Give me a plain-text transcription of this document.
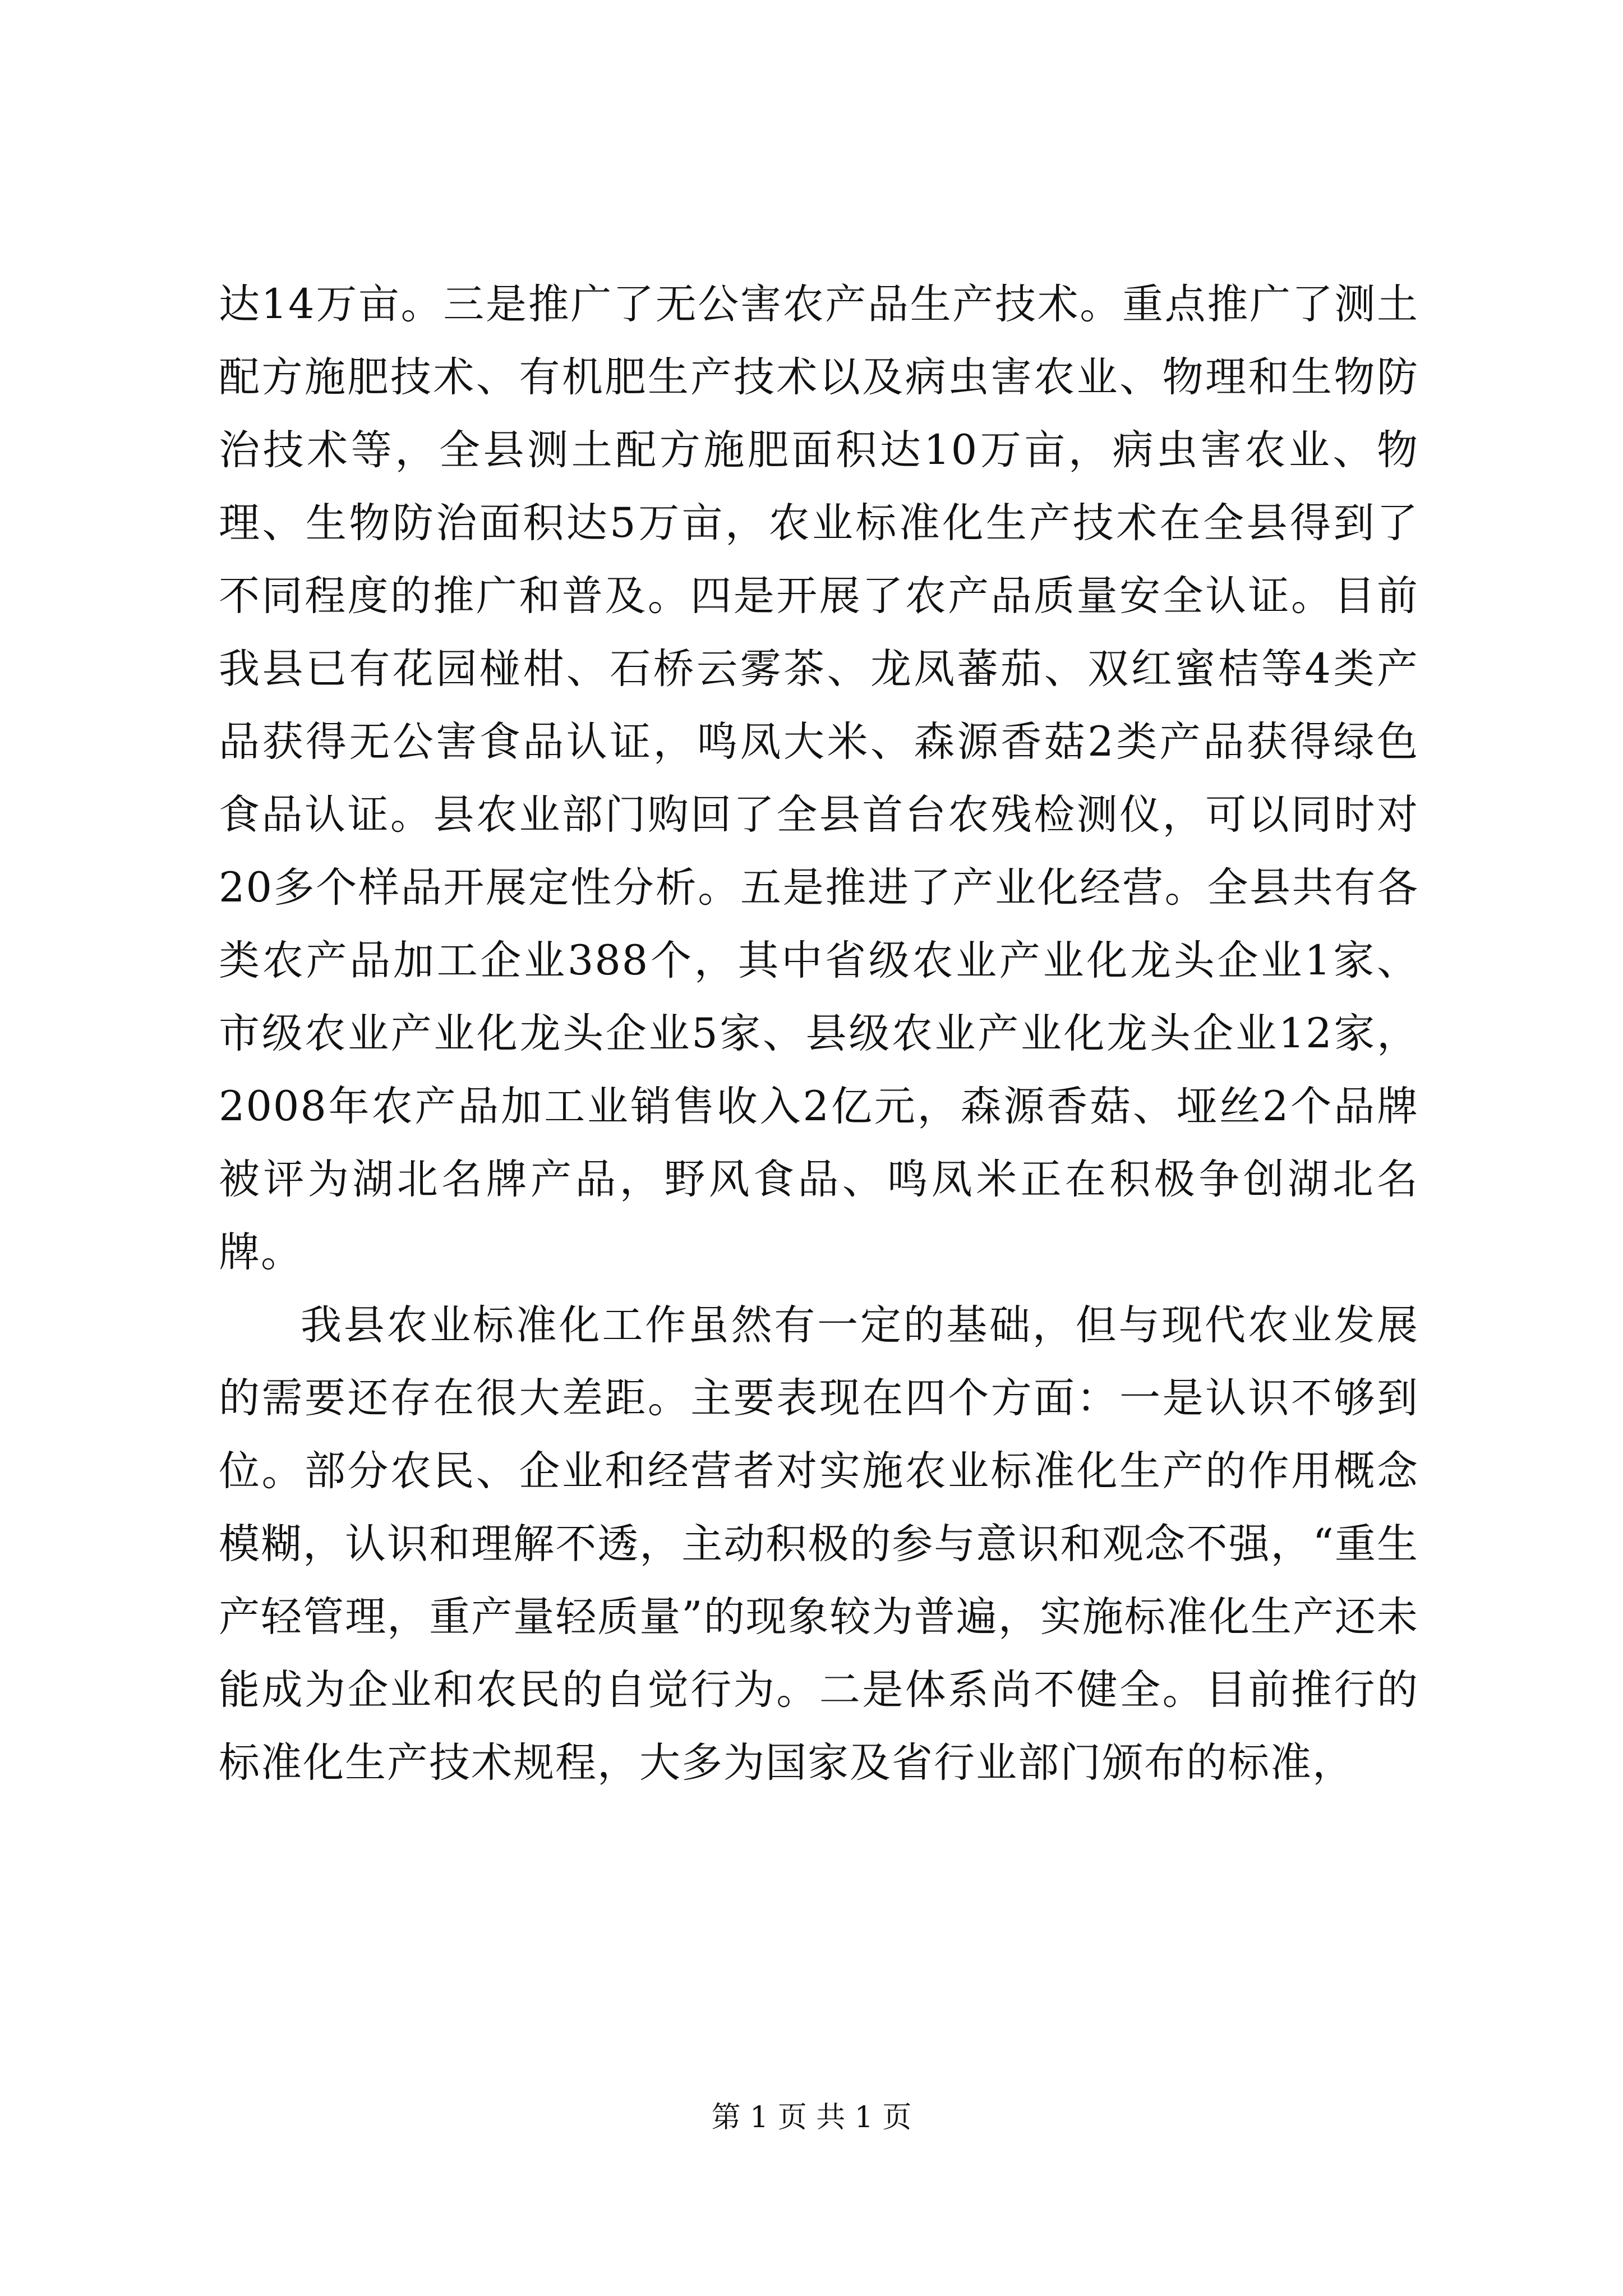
达14万亩。三是推广了无公害农产品生产技术。重点推广了测土配方施肥技术、有机肥生产技术以及病虫害农业、物理和生物防治技术等，全县测土配方施肥面积达10万亩，病虫害农业、物理、生物防治面积达5万亩，农业标准化生产技术在全县得到了不同程度的推广和普及。四是开展了农产品质量安全认证。目前我县已有花园椪柑、石桥云雾茶、龙凤蕃茄、双红蜜桔等4类产品获得无公害食品认证，鸣凤大米、森源香菇2类产品获得绿色食品认证。县农业部门购回了全县首台农残检测仪，可以同时对20多个样品开展定性分析。五是推进了产业化经营。全县共有各类农产品加工企业388个，其中省级农业产业化龙头企业1家、市级农业产业化龙头企业5家、县级农业产业化龙头企业12家，2008年农产品加工业销售收入2亿元，森源香菇、垭丝2个品牌被评为湖北名牌产品，野风食品、鸣凤米正在积极争创湖北名牌。

我县农业标准化工作虽然有一定的基础，但与现代农业发展的需要还存在很大差距。主要表现在四个方面：一是认识不够到位。部分农民、企业和经营者对实施农业标准化生产的作用概念模糊，认识和理解不透，主动积极的参与意识和观念不强，“重生产轻管理，重产量轻质量”的现象较为普遍，实施标准化生产还未能成为企业和农民的自觉行为。二是体系尚不健全。目前推行的标准化生产技术规程，大多为国家及省行业部门颁布的标准，

第 1 页 共 1 页
